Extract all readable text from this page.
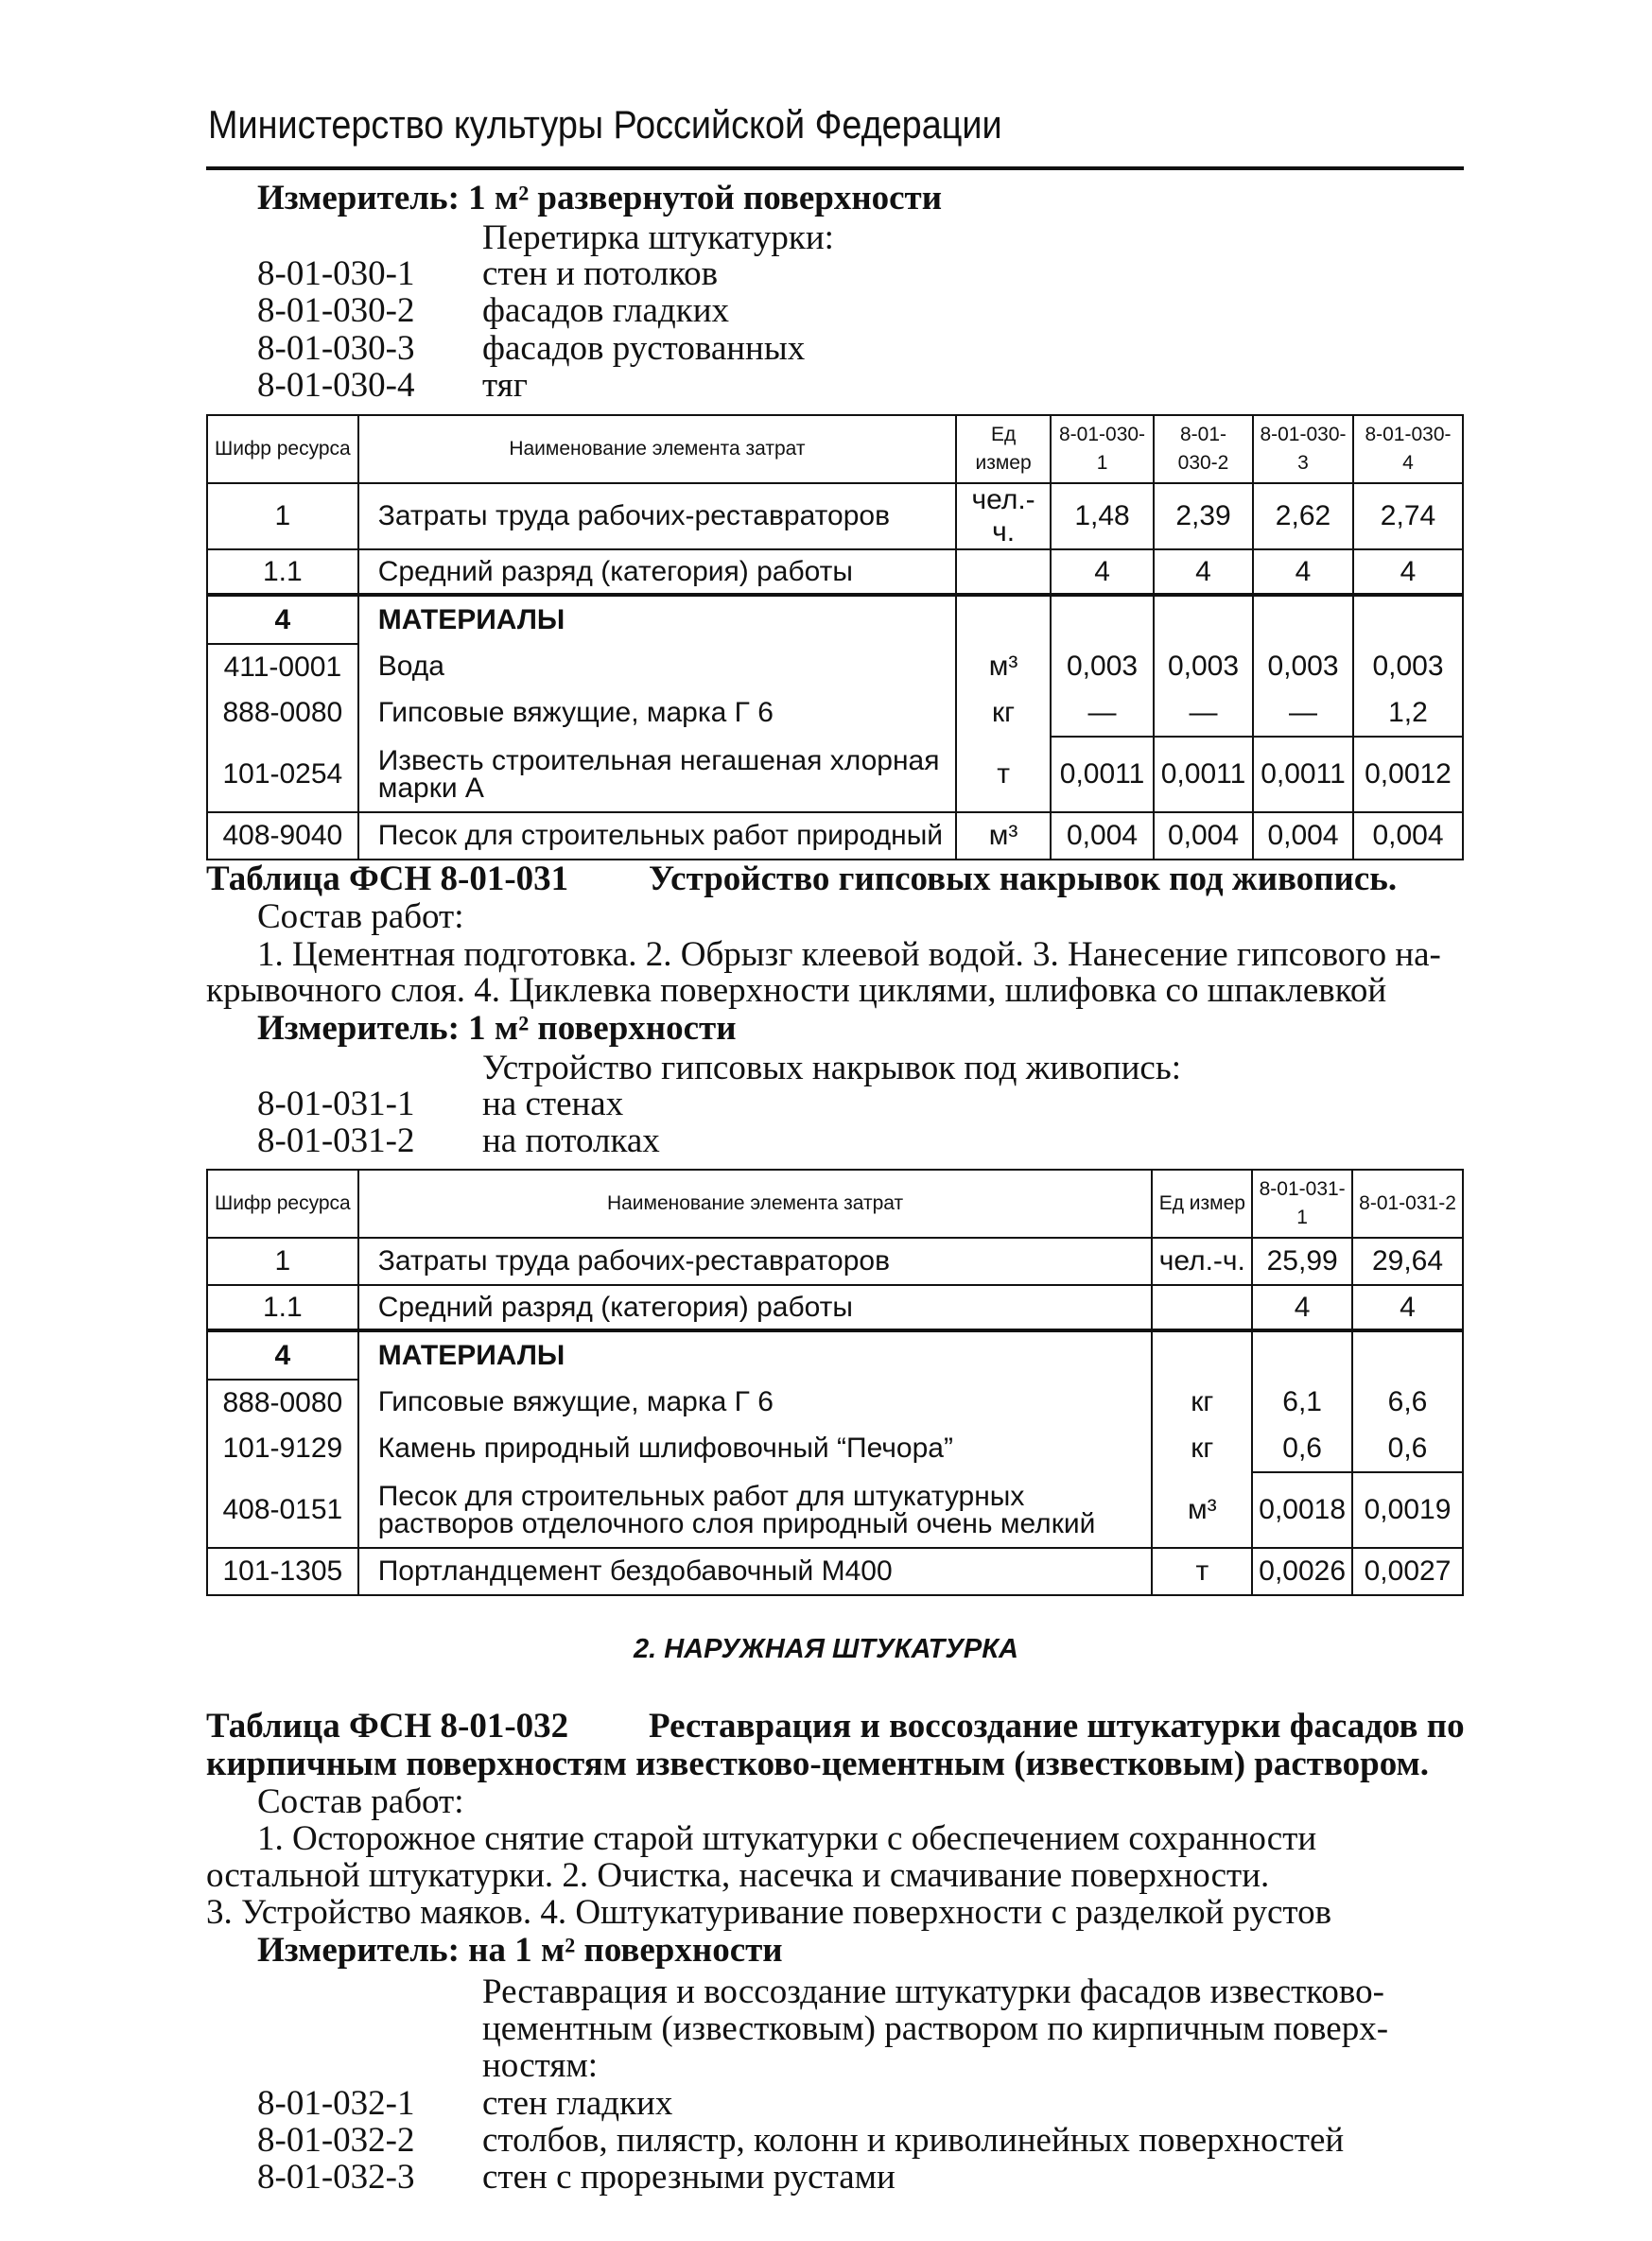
Министерство культуры Российской Федерации
Измеритель: 1 м² развернутой поверхности
Перетирка штукатурки:
8-01-030-1 стен и потолков
8-01-030-2 фасадов гладких
8-01-030-3 фасадов рустованных
8-01-030-4 тяг
Шифр ресурса	Наименование элемента затрат	Ед измер	8-01-030-1	8-01-030-2	8-01-030-3	8-01-030-4
1	Затраты труда рабочих-реставраторов	чел.-ч.	1,48	2,39	2,62	2,74
1.1	Средний разряд (категория) работы		4	4	4	4
4	МАТЕРИАЛЫ					
411-0001	Вода	м³	0,003	0,003	0,003	0,003
888-0080	Гипсовые вяжущие, марка Г 6	кг	—	—	—	1,2
101-0254	Известь строительная негашеная хлорная марки А	т	0,0011	0,0011	0,0011	0,0012
408-9040	Песок для строительных работ природный	м³	0,004	0,004	0,004	0,004
Таблица ФСН 8-01-031 Устройство гипсовых накрывок под живопись.
Состав работ:
1. Цементная подготовка. 2. Обрызг клеевой водой. 3. Нанесение гипсового на-
крывочного слоя. 4. Циклевка поверхности циклями, шлифовка со шпаклевкой
Измеритель: 1 м² поверхности
Устройство гипсовых накрывок под живопись:
8-01-031-1 на стенах
8-01-031-2 на потолках
Шифр ресурса	Наименование элемента затрат	Ед измер	8-01-031-1	8-01-031-2
1	Затраты труда рабочих-реставраторов	чел.-ч.	25,99	29,64
1.1	Средний разряд (категория) работы		4	4
4	МАТЕРИАЛЫ			
888-0080	Гипсовые вяжущие, марка Г 6	кг	6,1	6,6
101-9129	Камень природный шлифовочный “Печора”	кг	0,6	0,6
408-0151	Песок для строительных работ для штукатурных растворов отделочного слоя природный очень мелкий	м³	0,0018	0,0019
101-1305	Портландцемент бездобавочный М400	т	0,0026	0,0027
2. НАРУЖНАЯ ШТУКАТУРКА
Таблица ФСН 8-01-032 Реставрация и воссоздание штукатурки фасадов по
кирпичным поверхностям известково-цементным (известковым) раствором.
Состав работ:
1. Осторожное снятие старой штукатурки с обеспечением сохранности
остальной штукатурки. 2. Очистка, насечка и смачивание поверхности.
3. Устройство маяков. 4. Оштукатуривание поверхности с разделкой рустов
Измеритель: на 1 м² поверхности
Реставрация и воссоздание штукатурки фасадов известково-
цементным (известковым) раствором по кирпичным поверх-
ностям:
8-01-032-1 стен гладких
8-01-032-2 столбов, пилястр, колонн и криволинейных поверхностей
8-01-032-3 стен с прорезными рустами
